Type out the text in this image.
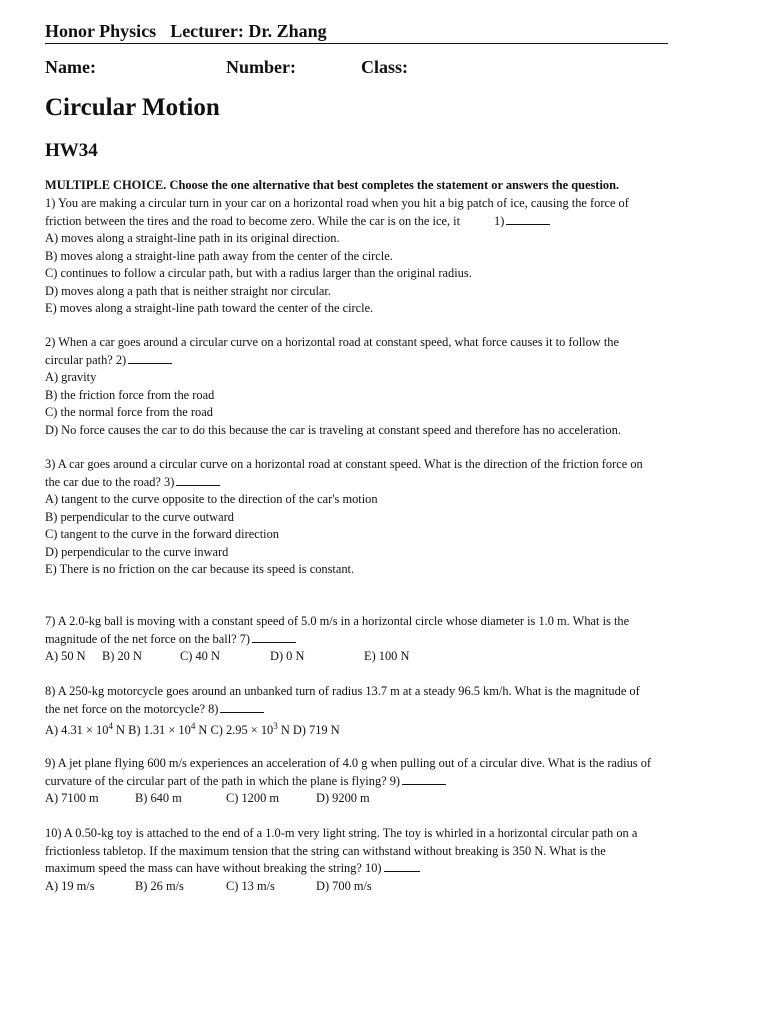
Honor Physics Lecturer: Dr. Zhang
Name:	Number:	Class:
Circular Motion
HW34
MULTIPLE CHOICE. Choose the one alternative that best completes the statement or answers the question.

1) You are making a circular turn in your car on a horizontal road when you hit a big patch of ice, causing the force of

friction between the tires and the road to become zero. While the car is on the ice, it	1)

A) moves along a straight-line path in its original direction.

B) moves along a straight-line path away from the center of the circle.

C) continues to follow a circular path, but with a radius larger than the original radius.

D) moves along a path that is neither straight nor circular.

E) moves along a straight-line path toward the center of the circle.

2) When a car goes around a circular curve on a horizontal road at constant speed, what force causes it to follow the

circular path? 2)

A) gravity

B) the friction force from the road

C) the normal force from the road

D) No force causes the car to do this because the car is traveling at constant speed and therefore has no acceleration.

3) A car goes around a circular curve on a horizontal road at constant speed. What is the direction of the friction force on

the car due to the road? 3)

A) tangent to the curve opposite to the direction of the car's motion

B) perpendicular to the curve outward

C) tangent to the curve in the forward direction

D) perpendicular to the curve inward

E) There is no friction on the car because its speed is constant.

7) A 2.0-kg ball is moving with a constant speed of 5.0 m/s in a horizontal circle whose diameter is 1.0 m. What is the

magnitude of the net force on the ball? 7)

A) 50 N B) 20 N	C) 40 N	D) 0 N	E) 100 N

8) A 250-kg motorcycle goes around an unbanked turn of radius 13.7 m at a steady 96.5 km/h. What is the magnitude of

the net force on the motorcycle? 8)

A) $4.31 \times 10^4$ N B) $1.31 \times 10^4$ N C) $2.95 \times 10^3$ N D) 719 N

9) A jet plane flying 600 m/s experiences an acceleration of 4.0 g when pulling out of a circular dive. What is the radius of

curvature of the circular part of the path in which the plane is flying? 9)

A) 7100 m	B) 640 m	C) 1200 m	D) 9200 m

10) A 0.50-kg toy is attached to the end of a 1.0-m very light string. The toy is whirled in a horizontal circular path on a

frictionless tabletop. If the maximum tension that the string can withstand without breaking is 350 N. What is the

maximum speed the mass can have without breaking the string? 10)

A) 19 m/s	B) 26 m/s	C) 13 m/s	D) 700 m/s
